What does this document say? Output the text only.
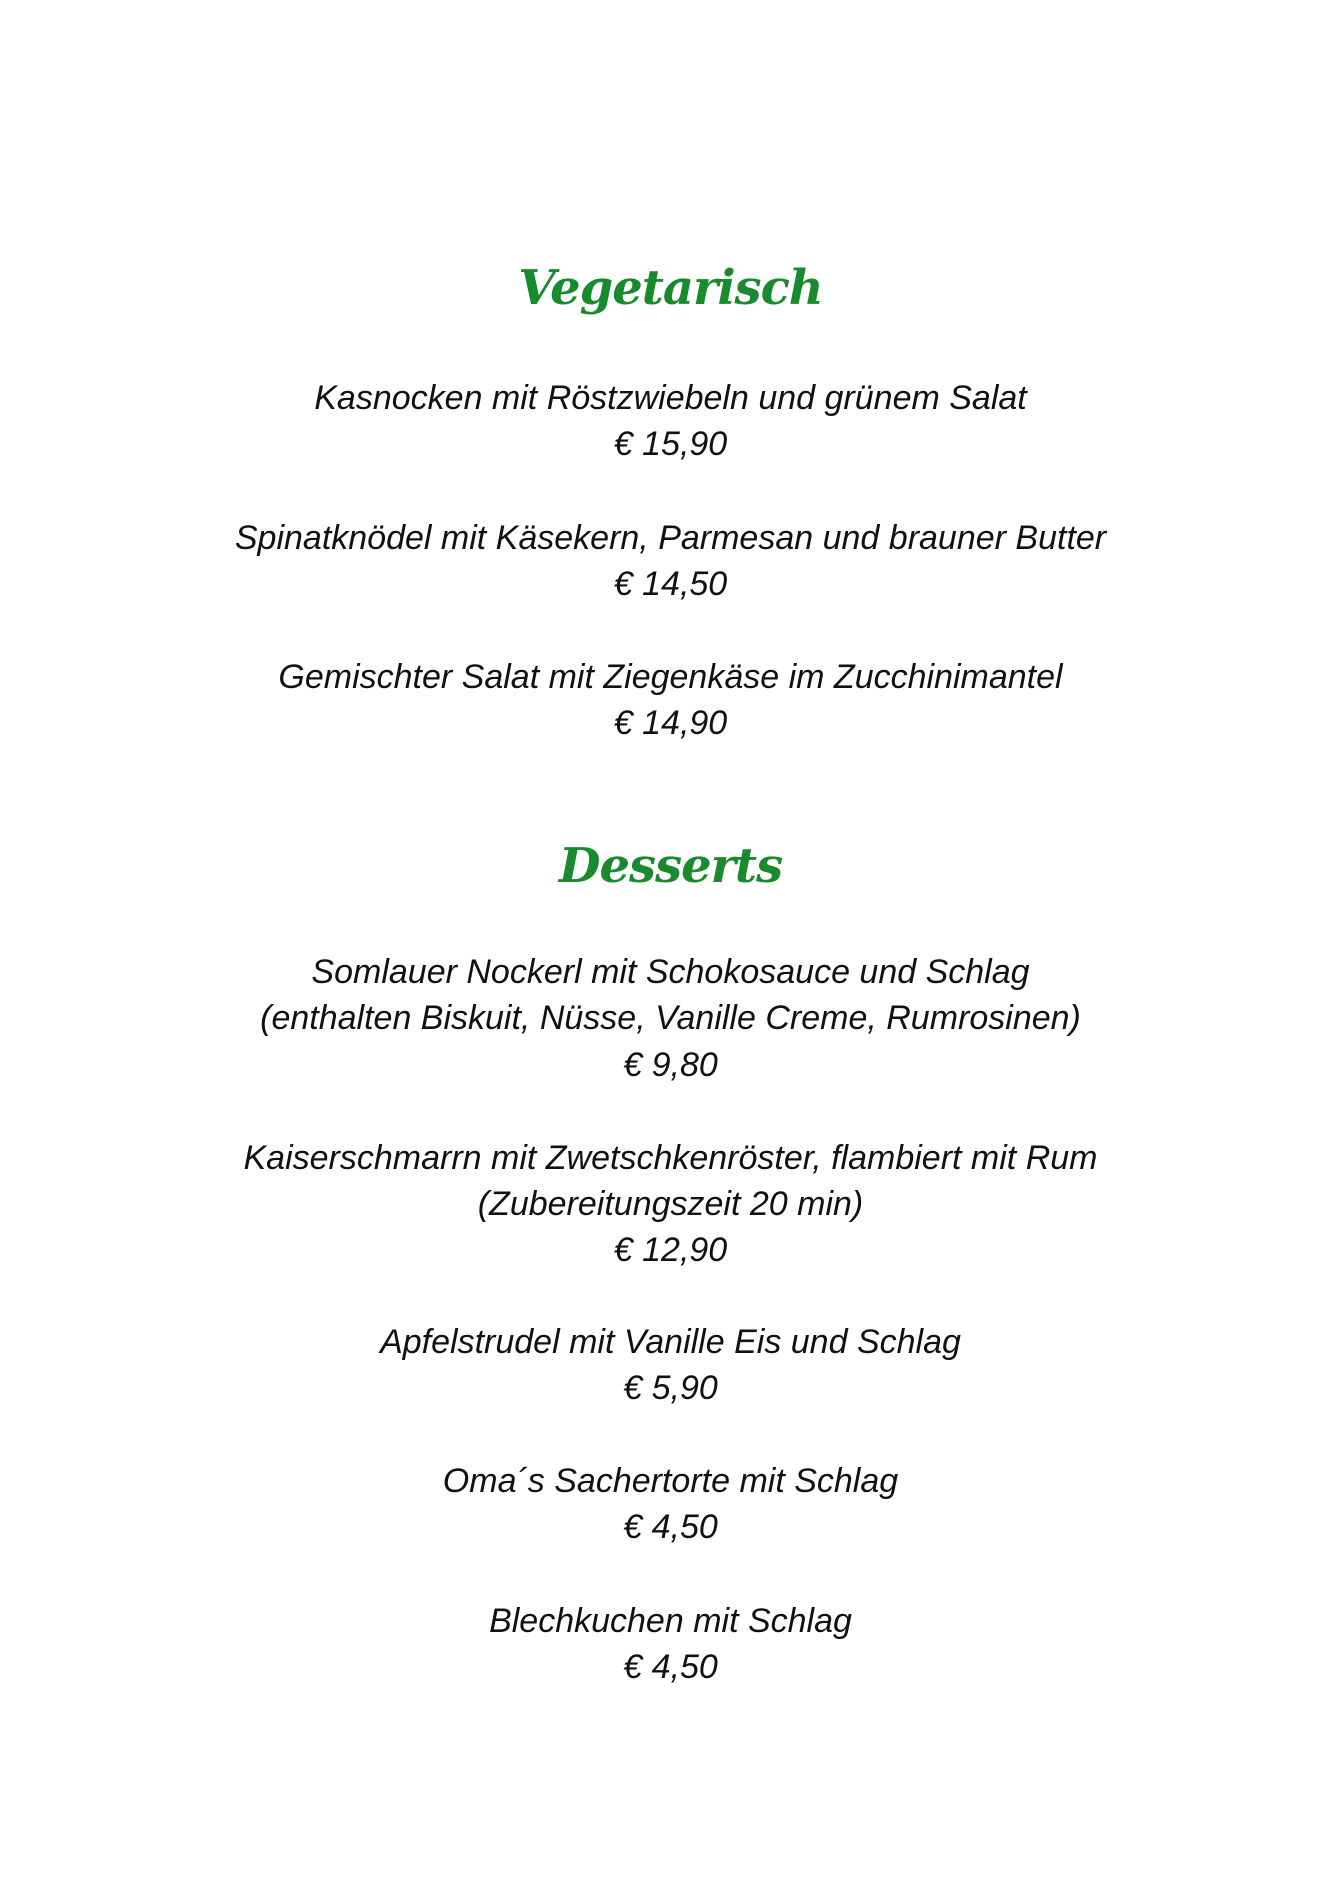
Vegetarisch
Kasnocken mit Röstzwiebeln und grünem Salat
€ 15,90
Spinatknödel mit Käsekern, Parmesan und brauner Butter
€ 14,50
Gemischter Salat mit Ziegenkäse im Zucchinimantel
€ 14,90
Desserts
Somlauer Nockerl mit Schokosauce und Schlag
(enthalten Biskuit, Nüsse, Vanille Creme, Rumrosinen)
€ 9,80
Kaiserschmarrn mit Zwetschkenröster, flambiert mit Rum
(Zubereitungszeit 20 min)
€ 12,90
Apfelstrudel mit Vanille Eis und Schlag
€ 5,90
Oma´s Sachertorte mit Schlag
€ 4,50
Blechkuchen mit Schlag
€ 4,50
